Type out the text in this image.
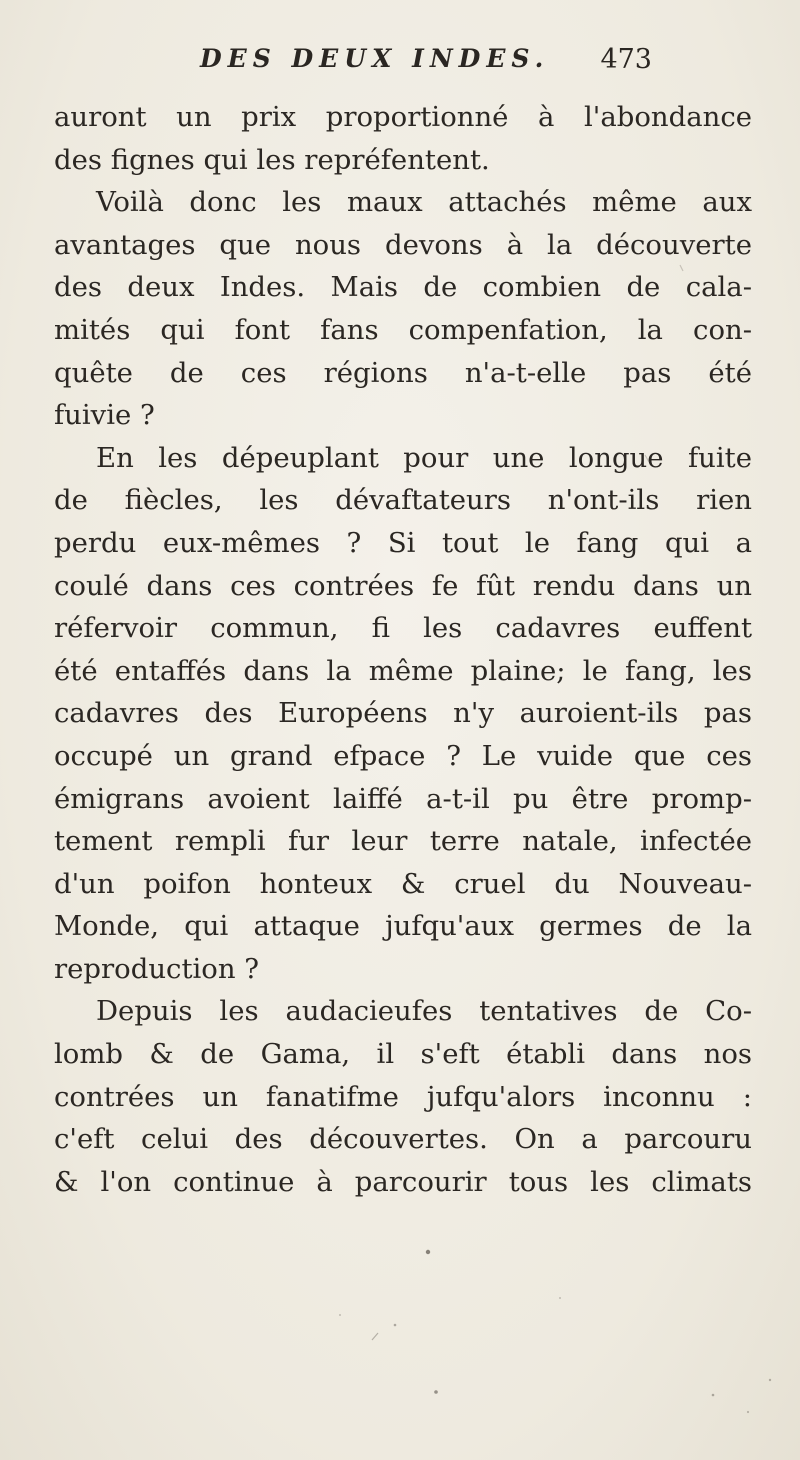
DES DEUX INDES. 473
auront un prix proportionné à l'abondance
des fignes qui les repréfentent.
Voilà donc les maux attachés même aux
avantages que nous devons à la découverte
des deux Indes. Mais de combien de cala-
mités qui font fans compenfation, la con-
quête de ces régions n'a-t-elle pas été
fuivie ?
En les dépeuplant pour une longue fuite
de fiècles, les dévaftateurs n'ont-ils rien
perdu eux-mêmes ? Si tout le fang qui a
coulé dans ces contrées fe fût rendu dans un
réfervoir commun, fi les cadavres euffent
été entaffés dans la même plaine; le fang, les
cadavres des Européens n'y auroient-ils pas
occupé un grand efpace ? Le vuide que ces
émigrans avoient laiffé a-t-il pu être promp-
tement rempli fur leur terre natale, infectée
d'un poifon honteux & cruel du Nouveau-
Monde, qui attaque jufqu'aux germes de la
reproduction ?
Depuis les audacieufes tentatives de Co-
lomb & de Gama, il s'eft établi dans nos
contrées un fanatifme jufqu'alors inconnu :
c'eft celui des découvertes. On a parcouru
& l'on continue à parcourir tous les climats
